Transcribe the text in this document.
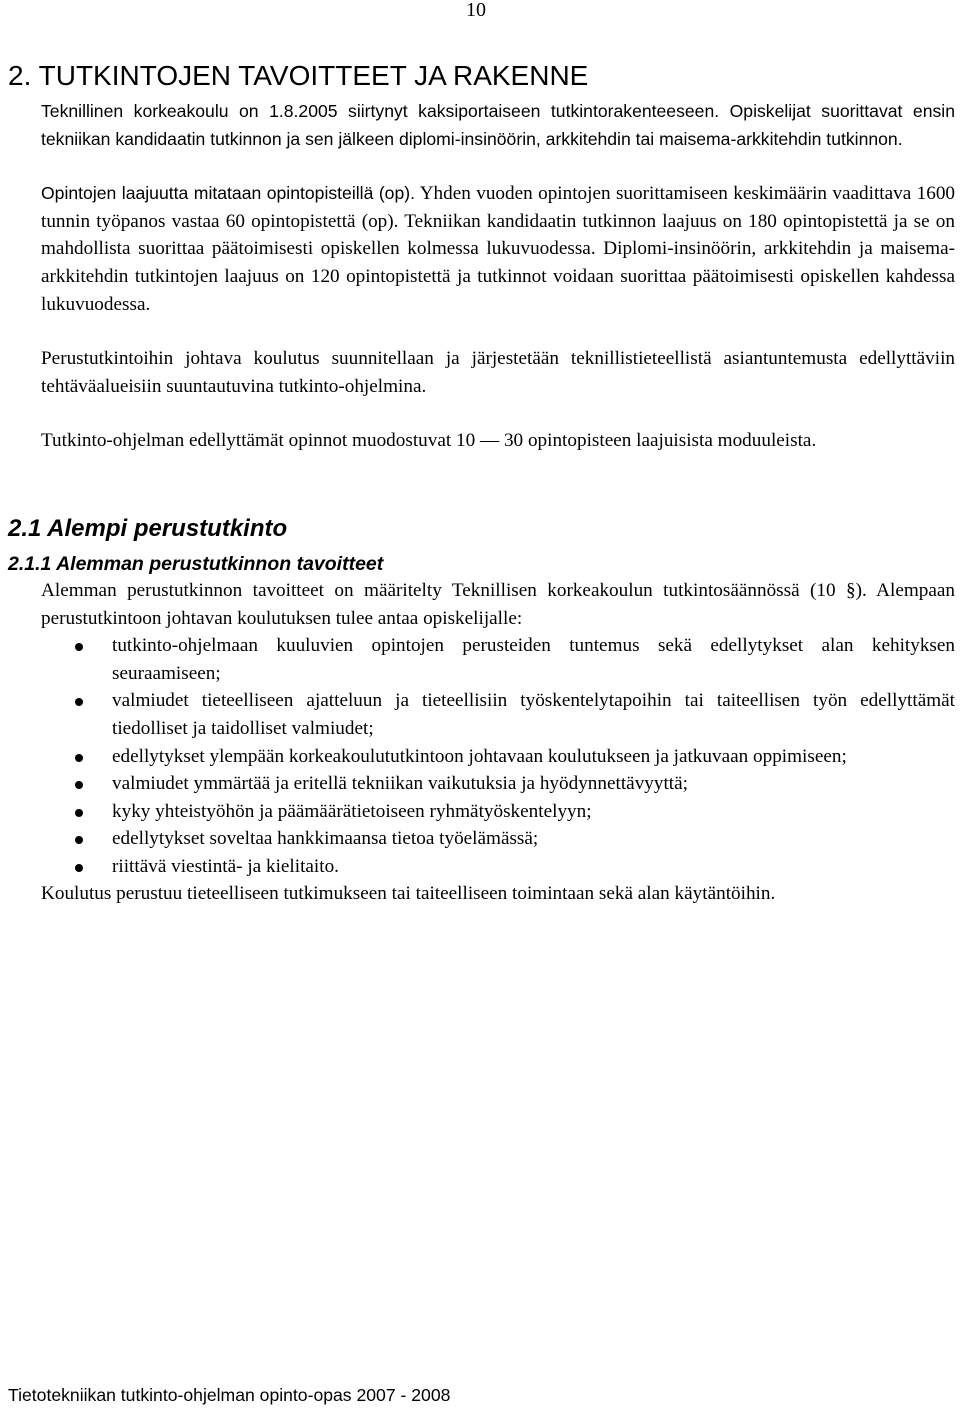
10
2. TUTKINTOJEN TAVOITTEET JA RAKENNE

Teknillinen korkeakoulu on 1.8.2005 siirtynyt kaksiportaiseen tutkintorakenteeseen. Opiskelijat suorittavat ensin tekniikan kandidaatin tutkinnon ja sen jälkeen diplomi-insinöörin, arkkitehdin tai maisema-arkkitehdin tutkinnon.

Opintojen laajuutta mitataan opintopisteillä (op). Yhden vuoden opintojen suorittamiseen keskimäärin vaadittava 1600 tunnin työpanos vastaa 60 opintopistettä (op). Tekniikan kandidaatin tutkinnon laajuus on 180 opintopistettä ja se on mahdollista suorittaa päätoimisesti opiskellen kolmessa lukuvuodessa. Diplomi-insinöörin, arkkitehdin ja maisema-arkkitehdin tutkintojen laajuus on 120 opintopistettä ja tutkinnot voidaan suorittaa päätoimisesti opiskellen kahdessa lukuvuodessa.

Perustutkintoihin johtava koulutus suunnitellaan ja järjestetään teknillistieteellistä asiantuntemusta edellyttäviin tehtäväalueisiin suuntautuvina tutkinto-ohjelmina.

Tutkinto-ohjelman edellyttämät opinnot muodostuvat 10 — 30 opintopisteen laajuisista moduuleista.

2.1 Alempi perustutkinto
2.1.1 Alemman perustutkinnon tavoitteet

Alemman perustutkinnon tavoitteet on määritelty Teknillisen korkeakoulun tutkintosäännössä (10 §). Alempaan perustutkintoon johtavan koulutuksen tulee antaa opiskelijalle:

tutkinto-ohjelmaan kuuluvien opintojen perusteiden tuntemus sekä edellytykset alan kehityksen seuraamiseen;
valmiudet tieteelliseen ajatteluun ja tieteellisiin työskentelytapoihin tai taiteellisen työn edellyttämät tiedolliset ja taidolliset valmiudet;
edellytykset ylempään korkeakoulututkintoon johtavaan koulutukseen ja jatkuvaan oppimiseen;
valmiudet ymmärtää ja eritellä tekniikan vaikutuksia ja hyödynnettävyyttä;
kyky yhteistyöhön ja päämäärätietoiseen ryhmätyöskentelyyn;
edellytykset soveltaa hankkimaansa tietoa työelämässä;
riittävä viestintä- ja kielitaito.

Koulutus perustuu tieteelliseen tutkimukseen tai taiteelliseen toimintaan sekä alan käytäntöihin.

Tietotekniikan tutkinto-ohjelman opinto-opas 2007 - 2008
